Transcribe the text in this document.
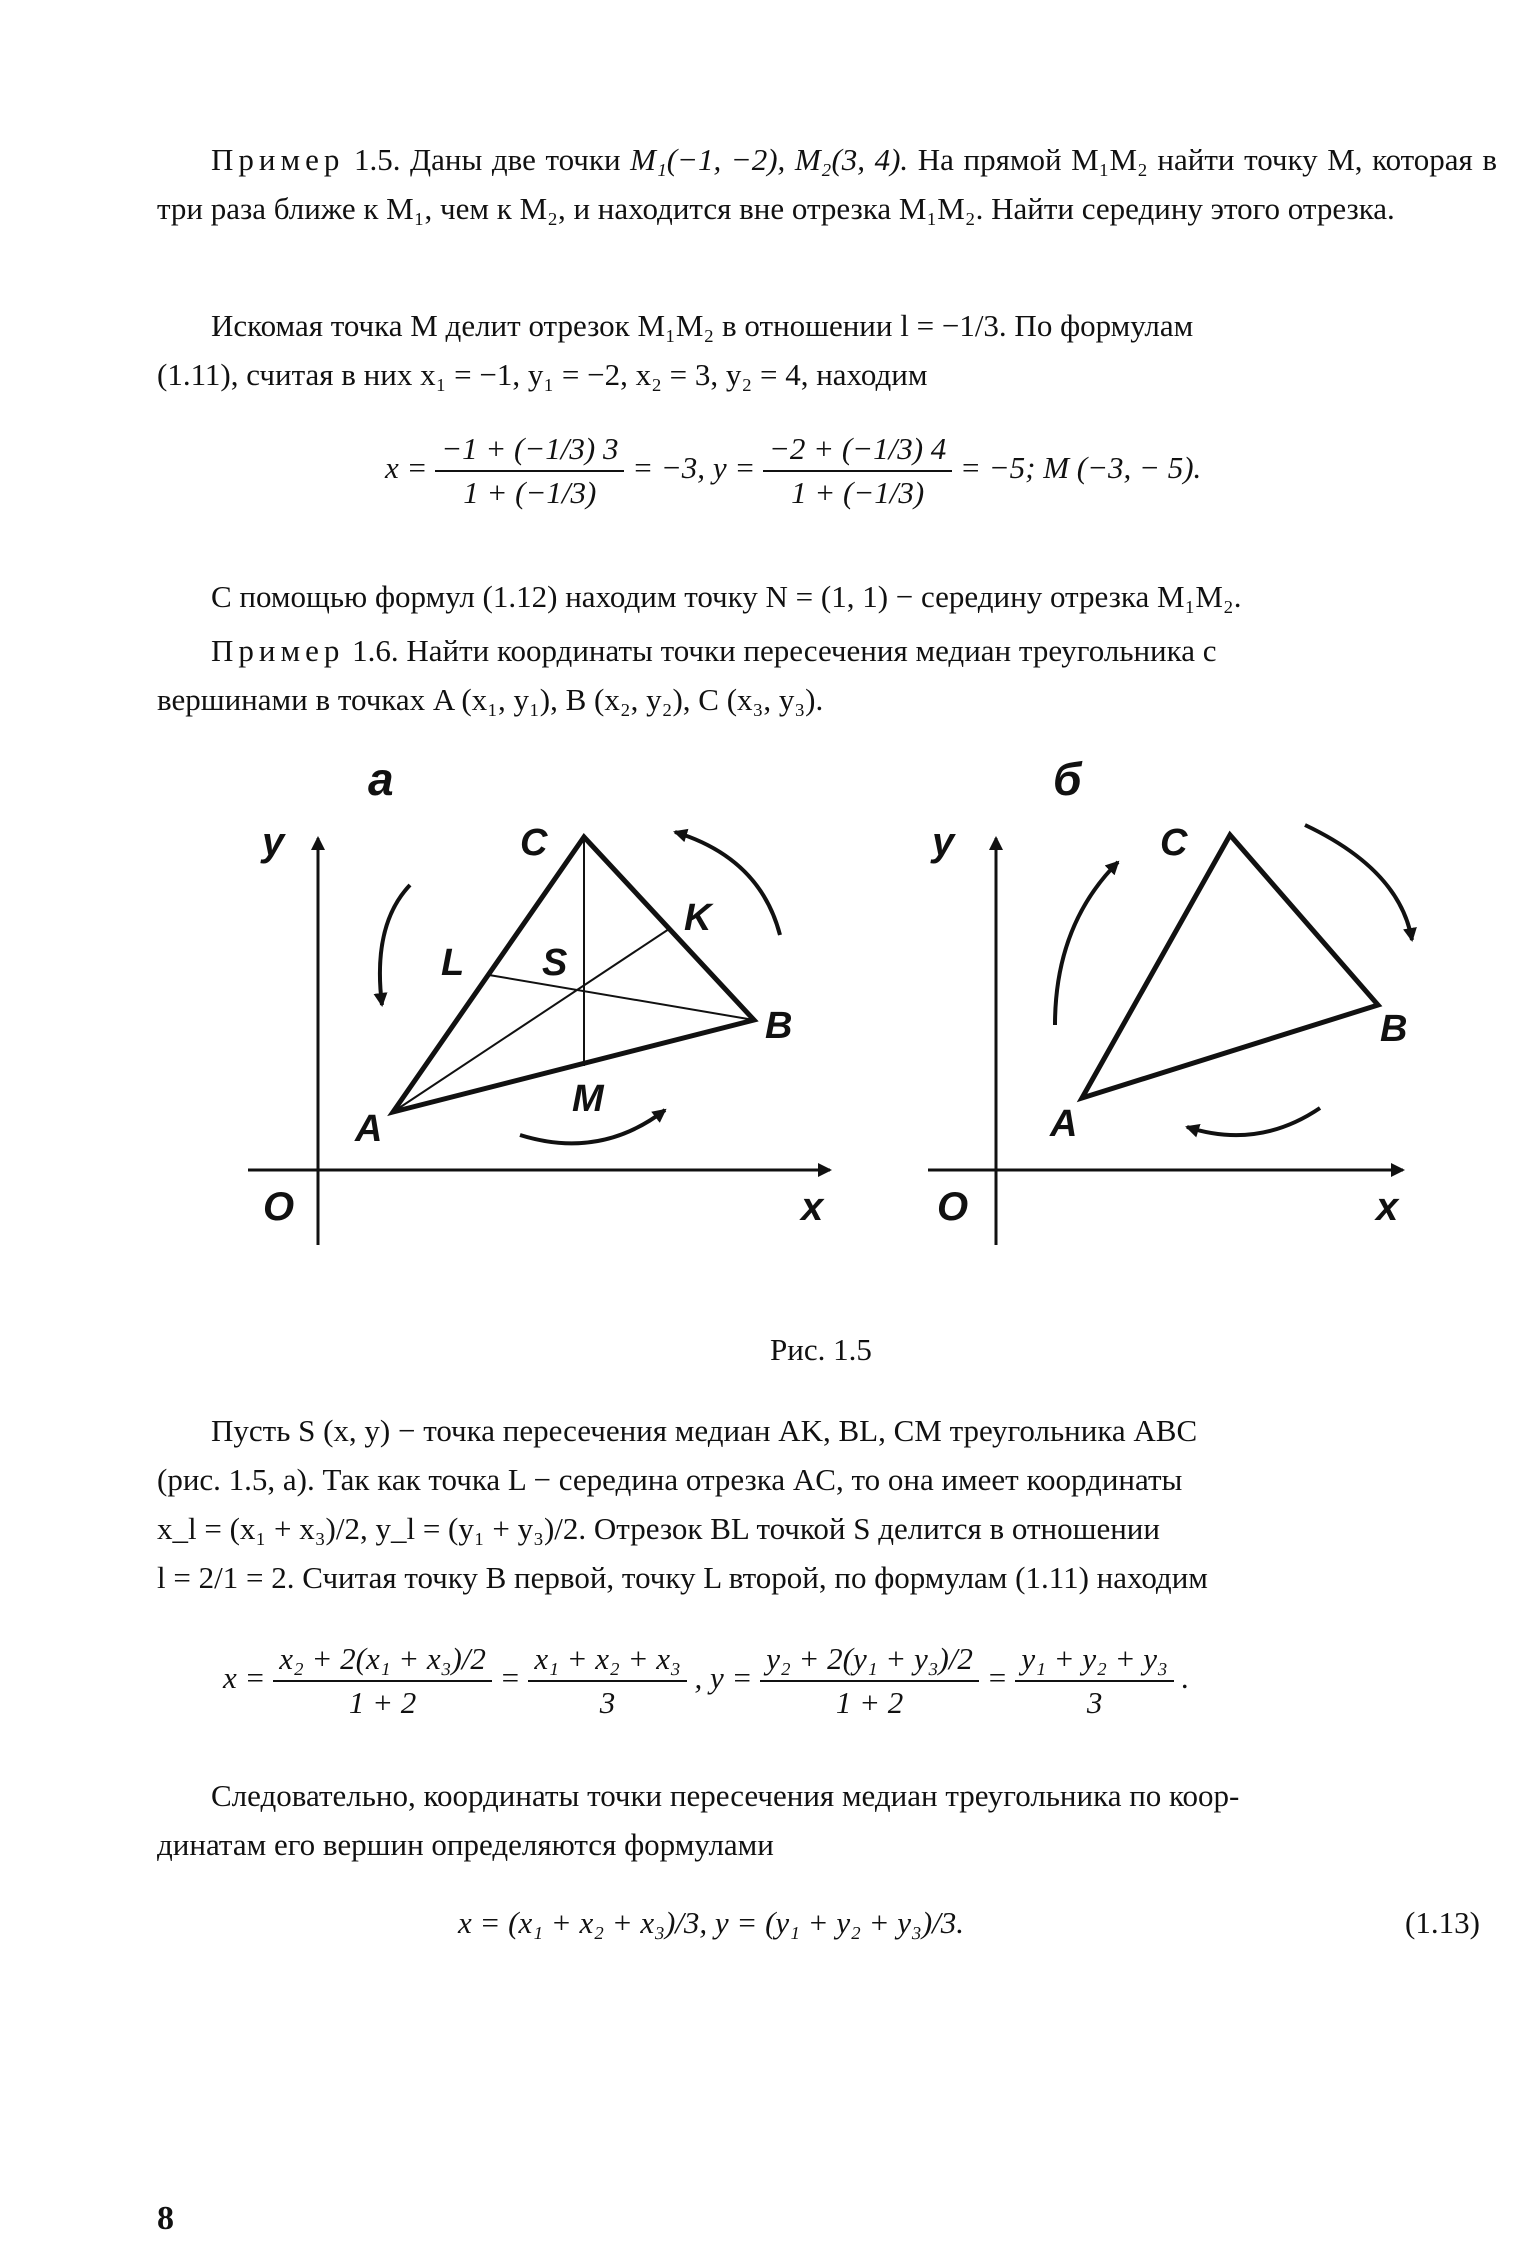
Пример 1.5. Даны две точки M₁(−1, −2), M₂(3, 4). На прямой M₁M₂ найти точку M, которая в три раза ближе к M₁, чем к M₂, и находится вне отрезка M₁M₂. Найти середину этого отрезка.
Искомая точка M делит отрезок M₁M₂ в отношении l = −1/3. По формулам
(1.11), считая в них x₁ = −1, y₁ = −2, x₂ = 3, y₂ = 4, находим
$x = \frac{-1 + (-1/3) 3}{1 + (-1/3)} = -3$, $y = \frac{-2 + (-1/3) 4}{1 + (-1/3)} = -5$; M (−3, − 5).
С помощью формул (1.12) находим точку N = (1, 1) − середину отрезка M₁M₂.
Пример 1.6. Найти координаты точки пересечения медиан треугольника с
вершинами в точках A (x₁, y₁), B (x₂, y₂), C (x₃, y₃).
а	б
y
O	x
C
K
L S
B
A
M
y
O	x
C
B
A
Рис. 1.5
Пусть S (x, y) − точка пересечения медиан AK, BL, CM треугольника ABC
(рис. 1.5, а). Так как точка L − середина отрезка AC, то она имеет координаты
x_l = (x₁ + x₃)/2, y_l = (y₁ + y₃)/2. Отрезок BL точкой S делится в отношении
l = 2/1 = 2. Считая точку B первой, точку L второй, по формулам (1.11) находим
$x = \frac{\text{x₂ + 2(x₁ + x₃)/2}}{1 + 2} = \frac{\text{x₁ + x₂ + x₃}}{3}$ , $y = \frac{\text{y₂ + 2(y₁ + y₃)/2}}{1 + 2} = \frac{\text{y₁ + y₂ + y₃}}{3}$ .
Следовательно, координаты точки пересечения медиан треугольника по коор-
динатам его вершин определяются формулами
x = (x₁ + x₂ + x₃)/3, y = (y₁ + y₂ + y₃)/3.	(1.13)
8
